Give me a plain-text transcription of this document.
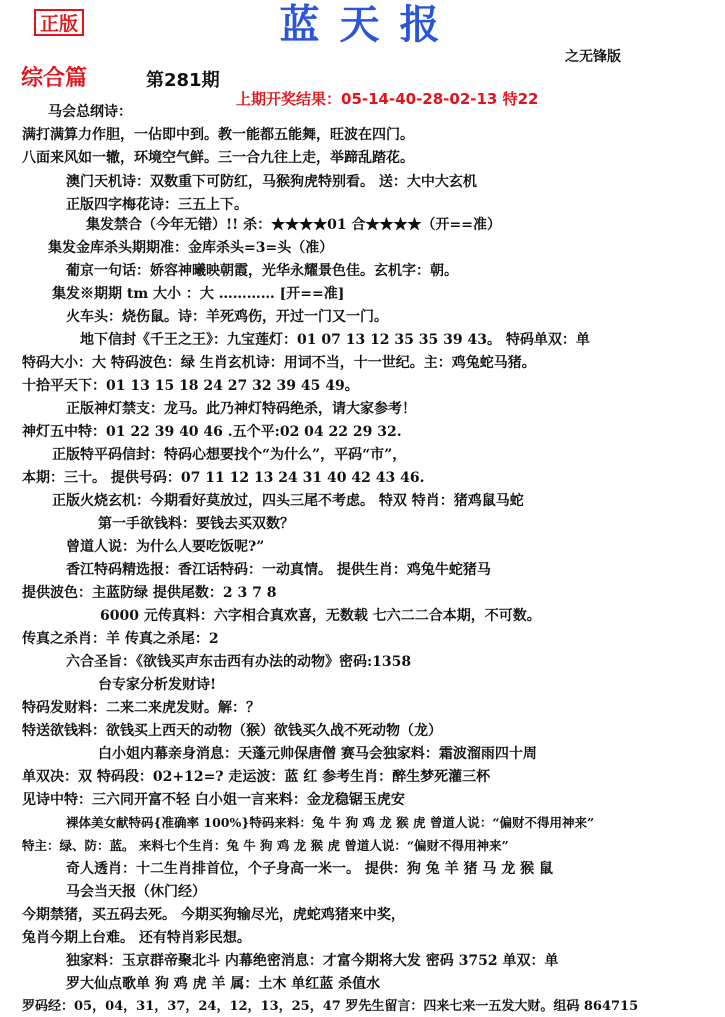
正版	蓝天报
之无锋版
综合篇	第281期
上期开奖结果：05-14-40-28-02-13 特22
马会总纲诗：
满打满算力作胆，一佔即中到。教一能都五能舞，旺波在四门。
八面来风如一辙，环境空气鲜。三一合九往上走，举蹄乱踏花。
澳门天机诗：双数重下可防红，马猴狗虎特别看。 送：大中大玄机
正版四字梅花诗：三五上下。
集发禁合（今年无错）!! 杀：★★★★01 合★★★★（开==准）
集发金库杀头期期准：金库杀头=3=头（准）
葡京一句话：娇容神曦映朝霞，光华永耀景色佳。玄机字：朝。
集发※期期 tm 大小 ：大 ………… [开==准]
火车头：烧伤鼠。诗：羊死鸡伤，开过一门又一门。
地下信封《千王之王》：九宝莲灯：01 07 13 12 35 35 39 43。 特码单双：单
特码大小：大 特码波色：绿 生肖玄机诗：用词不当，十一世纪。主：鸡兔蛇马猪。
十拾平天下：01 13 15 18 24 27 32 39 45 49。
正版神灯禁支：龙马。此乃神灯特码绝杀，请大家参考！
神灯五中特：01 22 39 40 46 .五个平:02 04 22 29 32.
正版特平码信封：特码心想要找个“为什么”，平码“市”，
本期：三十。 提供号码：07 11 12 13 24 31 40 42 43 46.
正版火烧玄机：今期看好莫放过，四头三尾不考虑。 特双 特肖：猪鸡鼠马蛇
第一手欲钱料：要钱去买双数？
曾道人说：为什么人要吃饭呢?”
香江特码精选报：香江话特码：一动真情。 提供生肖：鸡兔牛蛇猪马
提供波色：主蓝防绿 提供尾数：2 3 7 8
6000 元传真料：六字相合真欢喜，无数载 七六二二合本期，不可数。
传真之杀肖：羊 传真之杀尾：2
六合圣旨：《欲钱买声东击西有办法的动物》密码:1358
台专家分析发财诗!
特码发财料：二来二来虎发财。解：？
特送欲钱料：欲钱买上西天的动物（猴）欲钱买久战不死动物（龙）
白小姐内幕亲身消息：天蓬元帅保唐僧 赛马会独家料：霜波溜雨四十周
单双决：双 特码段：02+12=? 走运波：蓝 红 参考生肖：醉生梦死灌三杯
见诗中特：三六同开富不轻 白小姐一言来料：金龙稳锯玉虎安
裸体美女献特码{准确率 100%}特码来料：兔 牛 狗 鸡 龙 猴 虎 曾道人说：“偏财不得用神来”
特主：绿、防：蓝。 来料七个生肖：兔 牛 狗 鸡 龙 猴 虎 曾道人说：“偏财不得用神来”
奇人透肖：十二生肖排首位，个子身高一米一。 提供：狗 兔 羊 猪 马 龙 猴 鼠
马会当天报（休门经）
今期禁猪，买五码去死。 今期买狗输尽光，虎蛇鸡猪来中奖，
兔肖今期上台难。 还有特肖彩民想。
独家料：玉京群帝聚北斗 内幕绝密消息：才富今期将大发 密码 3752 单双：单
罗大仙点歌单 狗 鸡 虎 羊 属：土木 单红蓝 杀值水
罗码经：05，04，31，37，24，12，13，25，47 罗先生留言：四来七来一五发大财。组码 864715
